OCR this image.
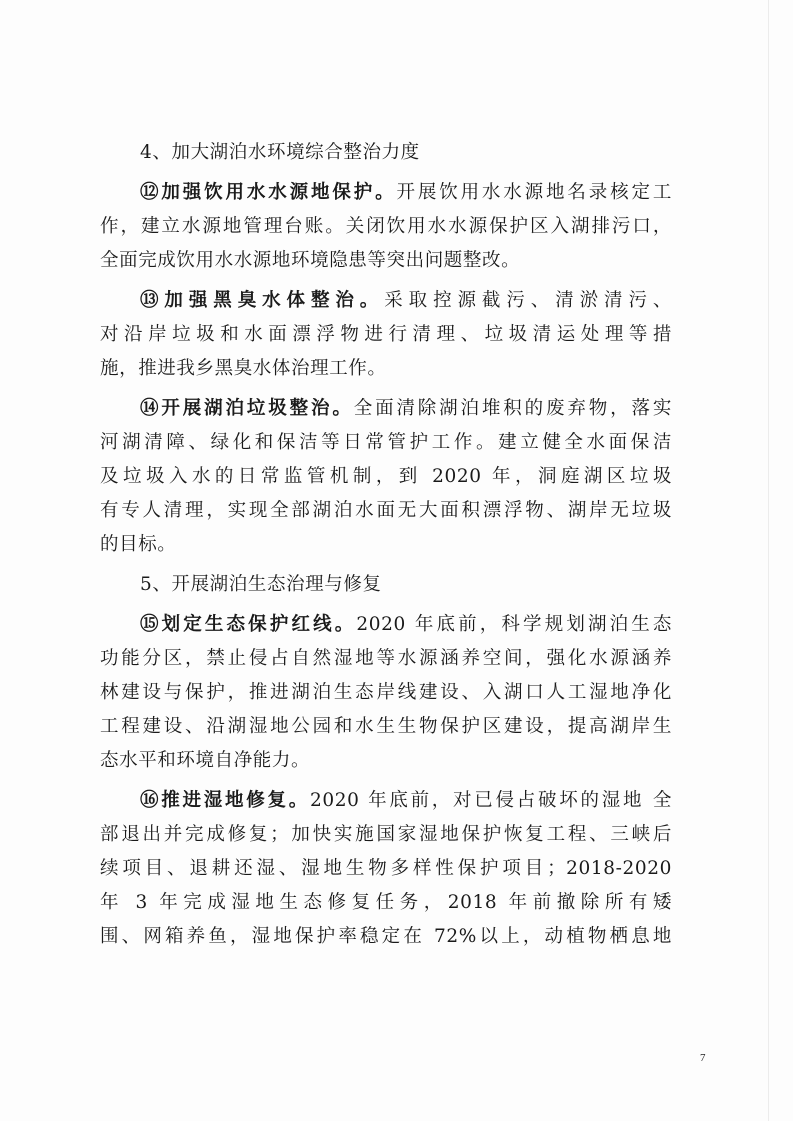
4、加大湖泊水环境综合整治力度
⑫加强饮用水水源地保护。开展饮用水水源地名录核定工
作，建立水源地管理台账。关闭饮用水水源保护区入湖排污口，
全面完成饮用水水源地环境隐患等突出问题整改。
⑬加强黑臭水体整治。采取控源截污、清淤清污、
对沿岸垃圾和水面漂浮物进行清理、垃圾清运处理等措
施，推进我乡黑臭水体治理工作。
⑭开展湖泊垃圾整治。全面清除湖泊堆积的废弃物，落实
河湖清障、绿化和保洁等日常管护工作。建立健全水面保洁
及垃圾入水的日常监管机制，到 2020 年，洞庭湖区垃圾
有专人清理，实现全部湖泊水面无大面积漂浮物、湖岸无垃圾
的目标。
5、开展湖泊生态治理与修复
⑮划定生态保护红线。2020 年底前，科学规划湖泊生态
功能分区，禁止侵占自然湿地等水源涵养空间，强化水源涵养
林建设与保护，推进湖泊生态岸线建设、入湖口人工湿地净化
工程建设、沿湖湿地公园和水生生物保护区建设，提高湖岸生
态水平和环境自净能力。
⑯推进湿地修复。2020 年底前，对已侵占破坏的湿地 全
部退出并完成修复；加快实施国家湿地保护恢复工程、三峡后
续项目、退耕还湿、湿地生物多样性保护项目；2018-2020
年 3 年完成湿地生态修复任务，2018 年前撤除所有矮
围、网箱养鱼，湿地保护率稳定在 72%以上，动植物栖息地
7
